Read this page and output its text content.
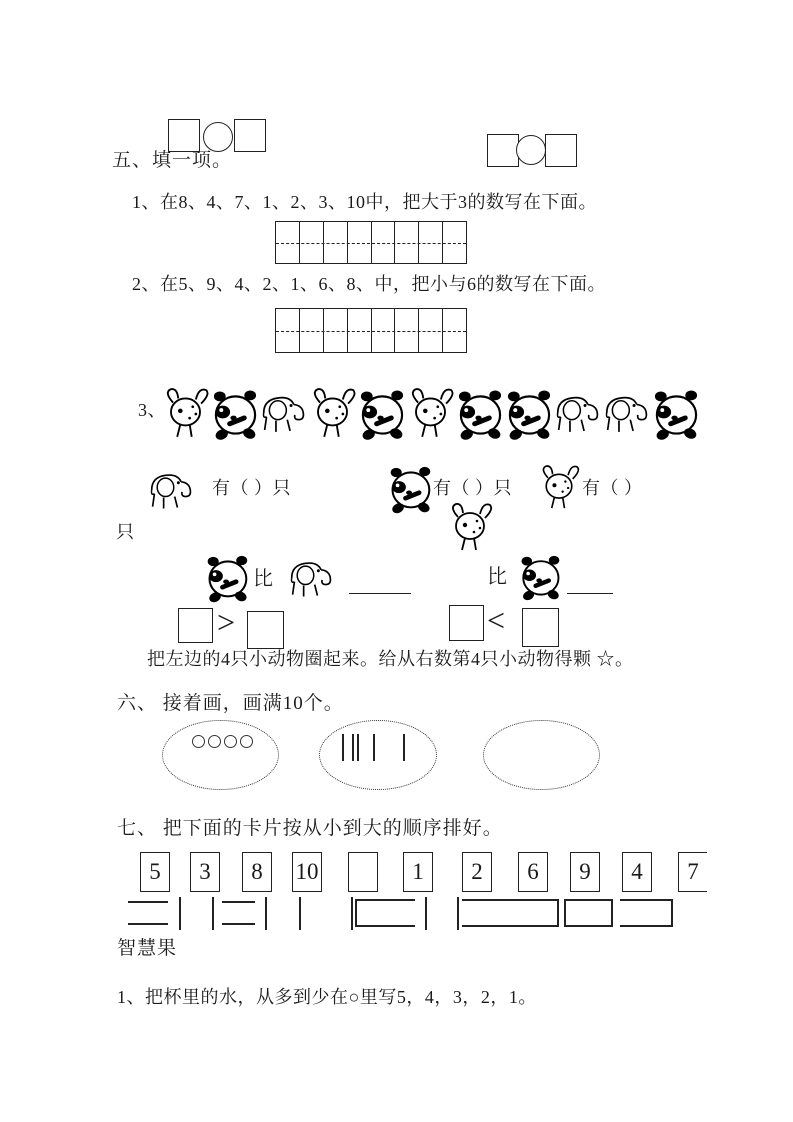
五、填一项。
1、在8、4、7、1、2、3、10中，把大于3的数写在下面。
2、在5、9、4、2、1、6、8、中，把小与6的数写在下面。
3、
有（ ）只	有（ ）只	有（ ）
只
比	比
>	<
把左边的4只小动物圈起来。给从右数第4只小动物得颗 ☆。
六、 接着画，画满10个。
七、 把下面的卡片按从小到大的顺序排好。
5	3	8	10	1	2	6	9	4	7
智慧果
1、把杯里的水，从多到少在○里写5，4，3，2，1。
